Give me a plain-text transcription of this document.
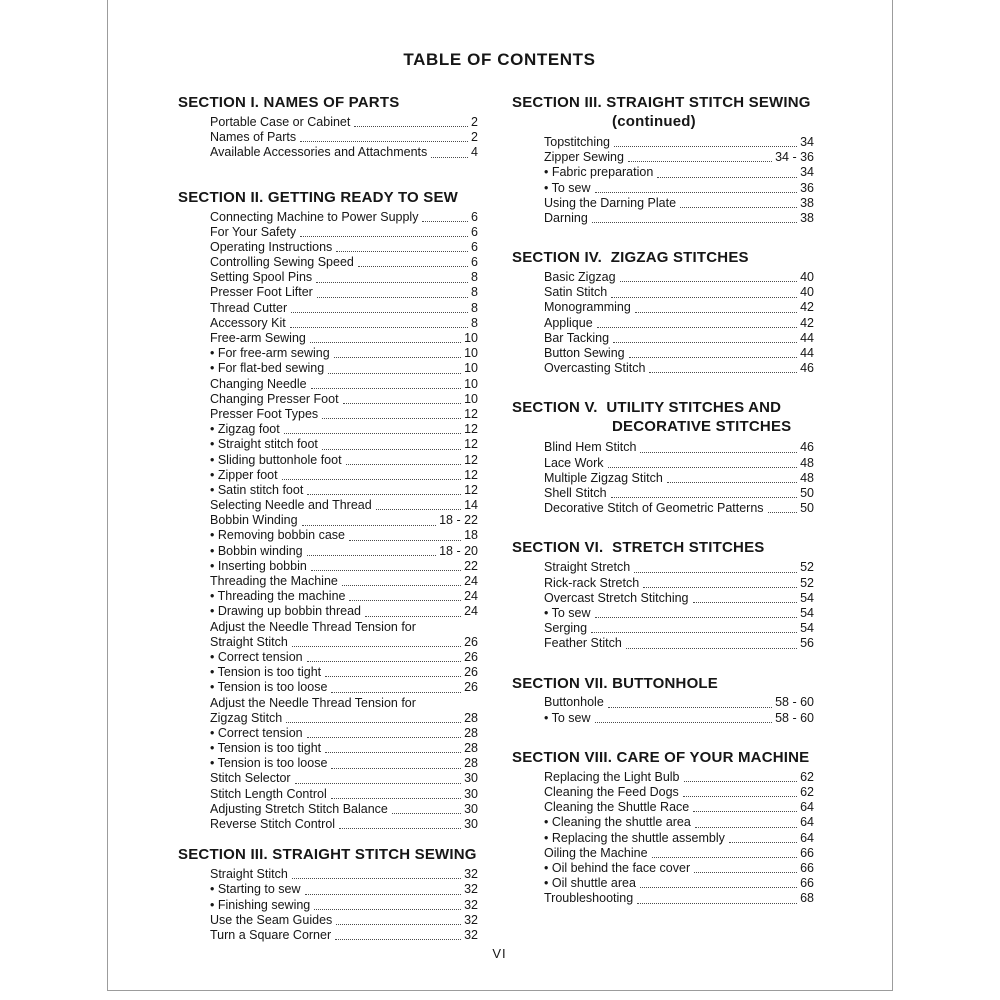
TABLE OF CONTENTS
SECTION I. NAMES OF PARTS
Portable Case or Cabinet	2
Names of Parts	2
Available Accessories and Attachments	4
SECTION II. GETTING READY TO SEW
Connecting Machine to Power Supply	6
For Your Safety	6
Operating Instructions	6
Controlling Sewing Speed	6
Setting Spool Pins	8
Presser Foot Lifter	8
Thread Cutter	8
Accessory Kit	8
Free-arm Sewing	10
• For free-arm sewing	10
• For flat-bed sewing	10
Changing Needle	10
Changing Presser Foot	10
Presser Foot Types	12
• Zigzag foot	12
• Straight stitch foot	12
• Sliding buttonhole foot	12
• Zipper foot	12
• Satin stitch foot	12
Selecting Needle and Thread	14
Bobbin Winding	18 - 22
• Removing bobbin case	18
• Bobbin winding	18 - 20
• Inserting bobbin	22
Threading the Machine	24
• Threading the machine	24
• Drawing up bobbin thread	24
Adjust the Needle Thread Tension for
Straight Stitch	26
• Correct tension	26
• Tension is too tight	26
• Tension is too loose	26
Adjust the Needle Thread Tension for
Zigzag Stitch	28
• Correct tension	28
• Tension is too tight	28
• Tension is too loose	28
Stitch Selector	30
Stitch Length Control	30
Adjusting Stretch Stitch Balance	30
Reverse Stitch Control	30
SECTION III. STRAIGHT STITCH SEWING
Straight Stitch	32
• Starting to sew	32
• Finishing sewing	32
Use the Seam Guides	32
Turn a Square Corner	32
SECTION III. STRAIGHT STITCH SEWING
(continued)
Topstitching	34
Zipper Sewing	34 - 36
• Fabric preparation	34
• To sew	36
Using the Darning Plate	38
Darning	38
SECTION IV.  ZIGZAG STITCHES
Basic Zigzag	40
Satin Stitch	40
Monogramming	42
Applique	42
Bar Tacking	44
Button Sewing	44
Overcasting Stitch	46
SECTION V.  UTILITY STITCHES AND
DECORATIVE STITCHES
Blind Hem Stitch	46
Lace Work	48
Multiple Zigzag Stitch	48
Shell Stitch	50
Decorative Stitch of Geometric Patterns	50
SECTION VI.  STRETCH STITCHES
Straight Stretch	52
Rick-rack Stretch	52
Overcast Stretch Stitching	54
• To sew	54
Serging	54
Feather Stitch	56
SECTION VII. BUTTONHOLE
Buttonhole	58 - 60
• To sew	58 - 60
SECTION VIII. CARE OF YOUR MACHINE
Replacing the Light Bulb	62
Cleaning the Feed Dogs	62
Cleaning the Shuttle Race	64
• Cleaning the shuttle area	64
• Replacing the shuttle assembly	64
Oiling the Machine	66
• Oil behind the face cover	66
• Oil shuttle area	66
Troubleshooting	68
VI
